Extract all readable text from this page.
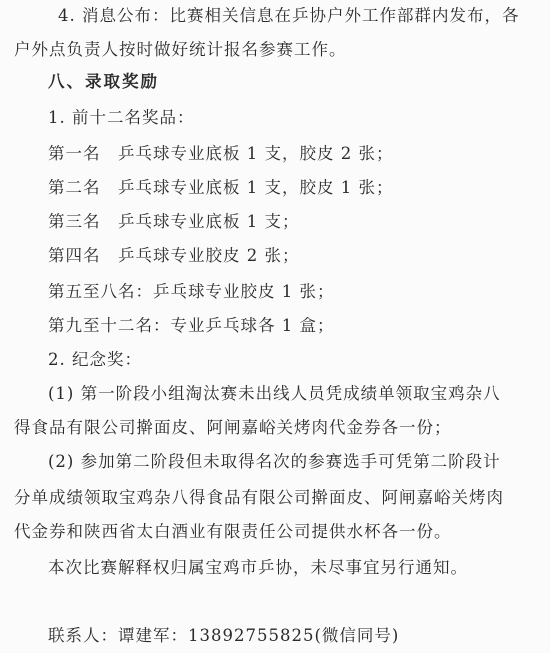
4. 消息公布：比赛相关信息在乒协户外工作部群内发布，各
户外点负责人按时做好统计报名参赛工作。
八、录取奖励
1. 前十二名奖品：
第一名　乒乓球专业底板 1 支，胶皮 2 张；
第二名　乒乓球专业底板 1 支，胶皮 1 张；
第三名　乒乓球专业底板 1 支；
第四名　乒乓球专业胶皮 2 张；
第五至八名：乒乓球专业胶皮 1 张；
第九至十二名：专业乒乓球各 1 盒；
2. 纪念奖：
(1) 第一阶段小组淘汰赛未出线人员凭成绩单领取宝鸡杂八
得食品有限公司擀面皮、阿闸嘉峪关烤肉代金券各一份；
(2) 参加第二阶段但未取得名次的参赛选手可凭第二阶段计
分单成绩领取宝鸡杂八得食品有限公司擀面皮、阿闸嘉峪关烤肉
代金券和陕西省太白酒业有限责任公司提供水杯各一份。
本次比赛解释权归属宝鸡市乒协，未尽事宜另行通知。
联系人：谭建军：13892755825(微信同号)
